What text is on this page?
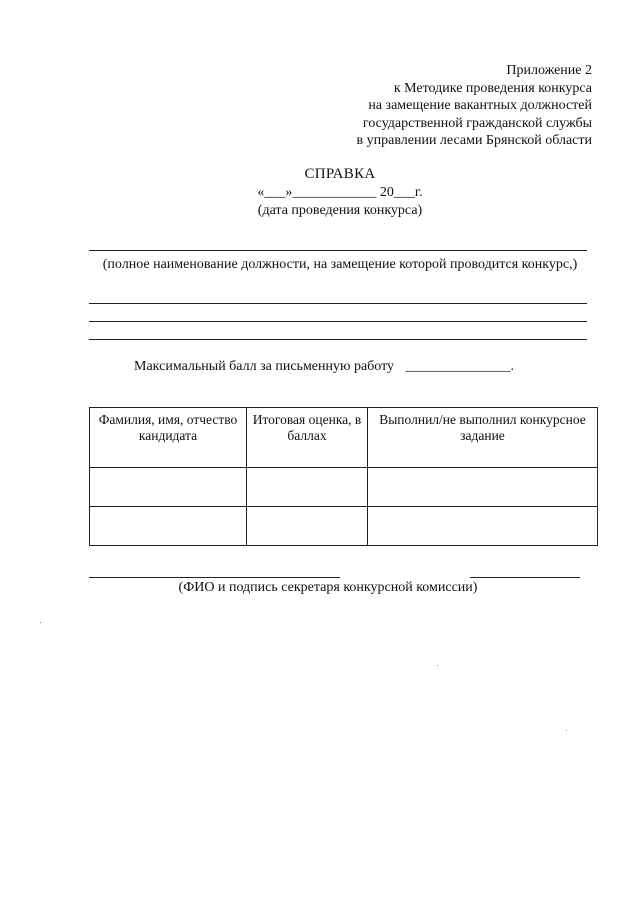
Приложение 2
к Методике проведения конкурса
на замещение вакантных должностей
государственной гражданской службы
в управлении лесами Брянской области
СПРАВКА
«___»____________ 20___г.
(дата проведения конкурса)
(полное наименование должности, на замещение которой проводится конкурс,)
Максимальный балл за письменную работу _______________.
Фамилия, имя, отчество кандидата	Итоговая оценка, в баллах	Выполнил/не выполнил конкурсное задание

(ФИО и подпись секретаря конкурсной комиссии)
